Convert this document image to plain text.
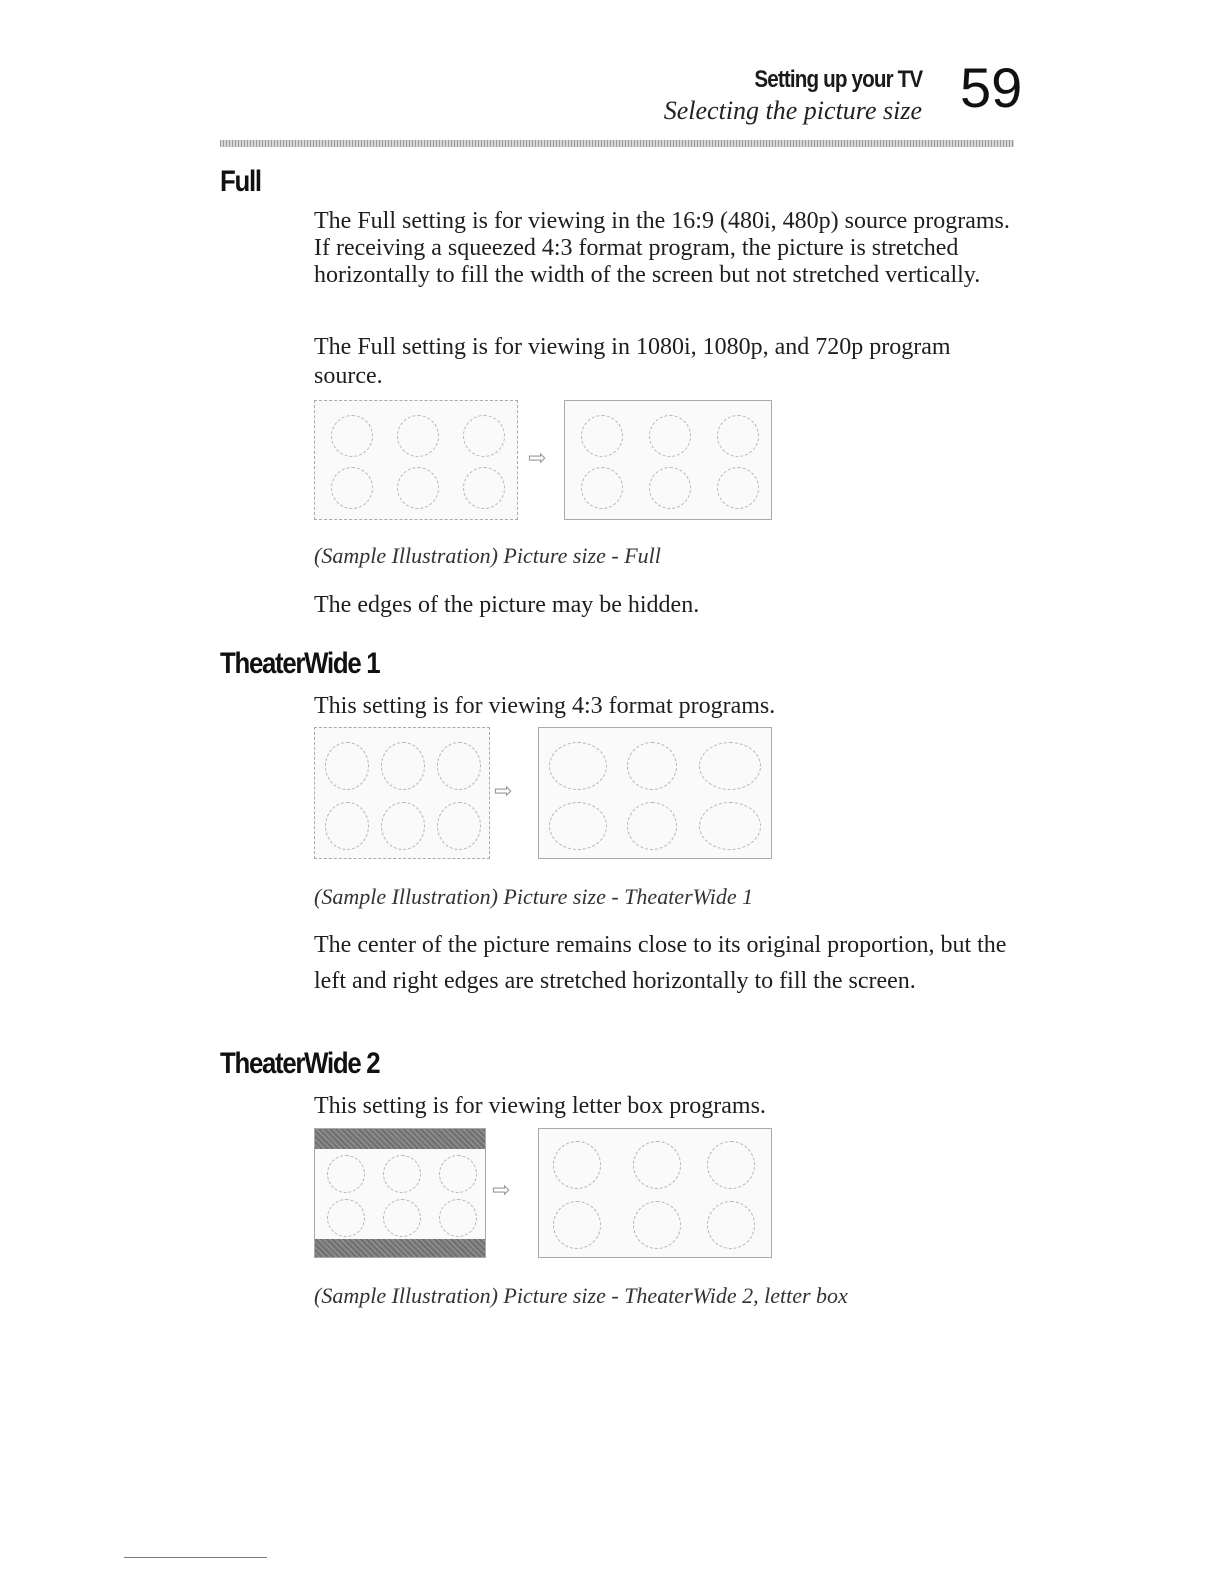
Setting up your TV
Selecting the picture size 59
Full
The Full setting is for viewing in the 16:9 (480i, 480p) source programs. If receiving a squeezed 4:3 format program, the picture is stretched horizontally to fill the width of the screen but not stretched vertically.
The Full setting is for viewing in 1080i, 1080p, and 720p program source.
⇨
(Sample Illustration) Picture size - Full
The edges of the picture may be hidden.
TheaterWide 1
This setting is for viewing 4:3 format programs.
⇨
(Sample Illustration) Picture size - TheaterWide 1
The center of the picture remains close to its original proportion, but the left and right edges are stretched horizontally to fill the screen.
TheaterWide 2
This setting is for viewing letter box programs.
⇨
(Sample Illustration) Picture size - TheaterWide 2, letter box
